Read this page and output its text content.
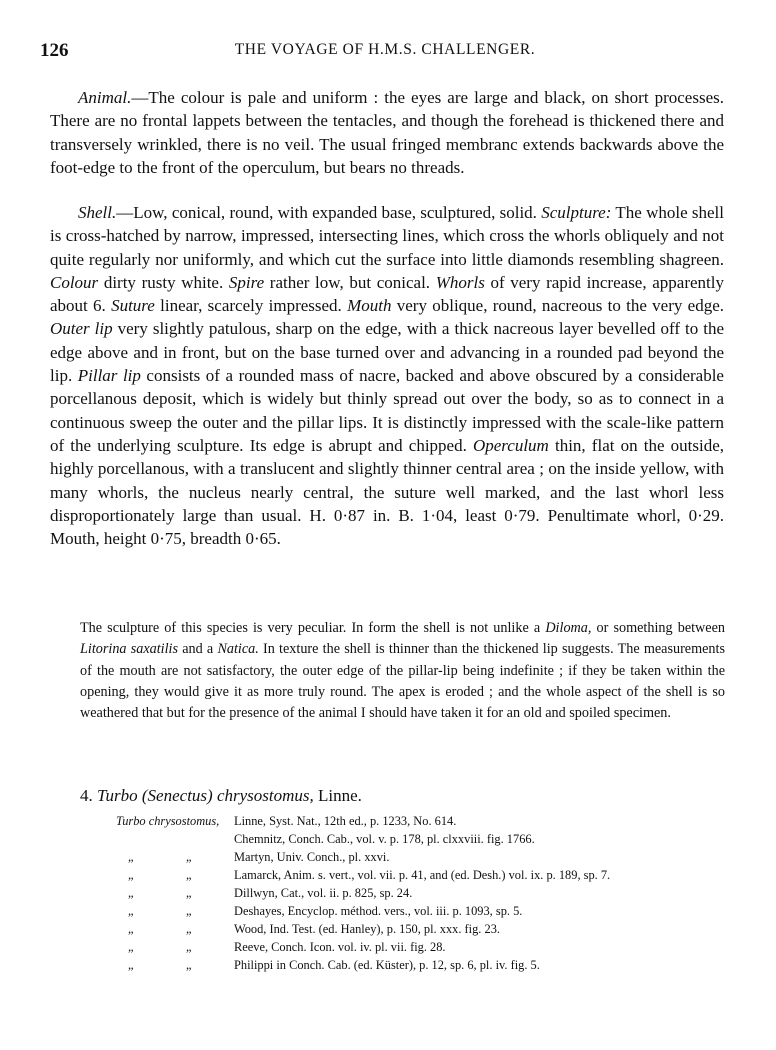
126	THE VOYAGE OF H.M.S. CHALLENGER.

Animal.—The colour is pale and uniform : the eyes are large and black, on short processes. There are no frontal lappets between the tentacles, and though the forehead is thickened there and transversely wrinkled, there is no veil. The usual fringed membranc extends backwards above the foot-edge to the front of the operculum, but bears no threads.

Shell.—Low, conical, round, with expanded base, sculptured, solid. Sculpture: The whole shell is cross-hatched by narrow, impressed, intersecting lines, which cross the whorls obliquely and not quite regularly nor uniformly, and which cut the surface into little diamonds resembling shagreen. Colour dirty rusty white. Spire rather low, but conical. Whorls of very rapid increase, apparently about 6. Suture linear, scarcely impressed. Mouth very oblique, round, nacreous to the very edge. Outer lip very slightly patulous, sharp on the edge, with a thick nacreous layer bevelled off to the edge above and in front, but on the base turned over and advancing in a rounded pad beyond the lip. Pillar lip consists of a rounded mass of nacre, backed and above obscured by a considerable porcellanous deposit, which is widely but thinly spread out over the body, so as to connect in a continuous sweep the outer and the pillar lips. It is distinctly impressed with the scale-like pattern of the underlying sculpture. Its edge is abrupt and chipped. Operculum thin, flat on the outside, highly porcellanous, with a translucent and slightly thinner central area ; on the inside yellow, with many whorls, the nucleus nearly central, the suture well marked, and the last whorl less disproportionately large than usual. H. 0·87 in. B. 1·04, least 0·79. Penultimate whorl, 0·29. Mouth, height 0·75, breadth 0·65.

The sculpture of this species is very peculiar. In form the shell is not unlike a Diloma, or something between Litorina saxatilis and a Natica. In texture the shell is thinner than the thickened lip suggests. The measurements of the mouth are not satisfactory, the outer edge of the pillar-lip being indefinite ; if they be taken within the opening, they would give it as more truly round. The apex is eroded ; and the whole aspect of the shell is so weathered that but for the presence of the animal I should have taken it for an old and spoiled specimen.

4. Turbo (Senectus) chrysostomus, Linne.
Turbo chrysostomus, Linne, Syst. Nat., 12th ed., p. 1233, No. 614.
Chemnitz, Conch. Cab., vol. v. p. 178, pl. clxxviii. fig. 1766.
„	„	Martyn, Univ. Conch., pl. xxvi.
„	„	Lamarck, Anim. s. vert., vol. vii. p. 41, and (ed. Desh.) vol. ix. p. 189, sp. 7.
„	„	Dillwyn, Cat., vol. ii. p. 825, sp. 24.
„	„	Deshayes, Encyclop. méthod. vers., vol. iii. p. 1093, sp. 5.
„	„	Wood, Ind. Test. (ed. Hanley), p. 150, pl. xxx. fig. 23.
„	„	Reeve, Conch. Icon. vol. iv. pl. vii. fig. 28.
„	„	Philippi in Conch. Cab. (ed. Küster), p. 12, sp. 6, pl. iv. fig. 5.
